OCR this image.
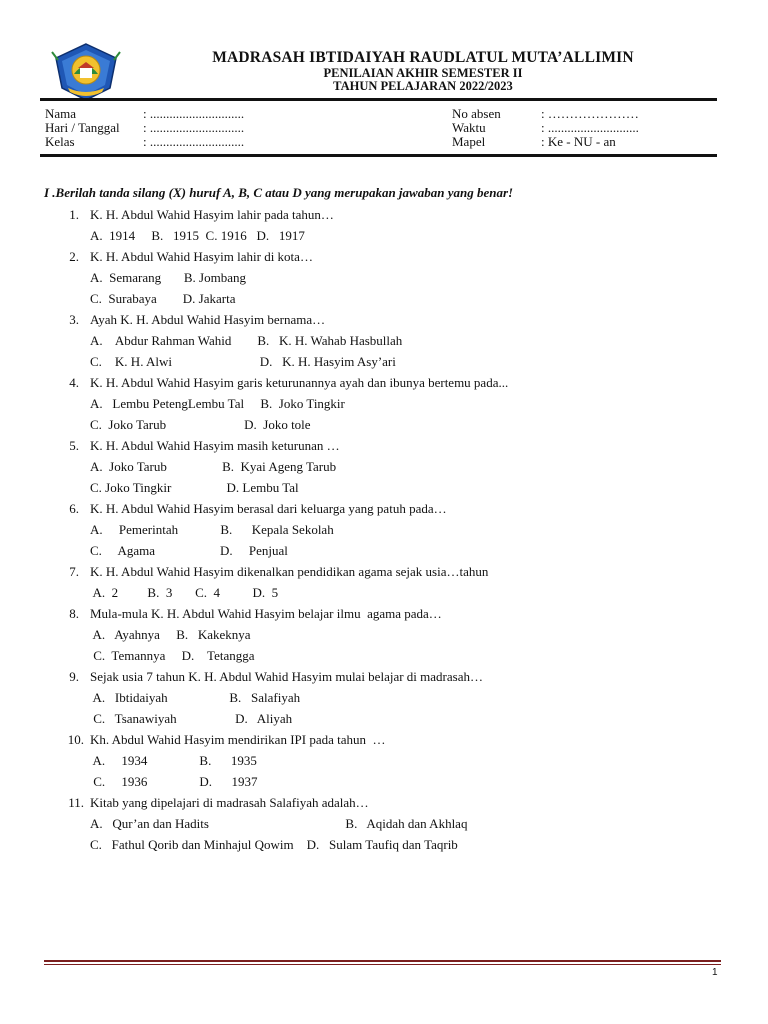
MADRASAH IBTIDAIYAH RAUDLATUL MUTA’ALLIMIN
PENILAIAN AKHIR SEMESTER II
TAHUN PELAJARAN 2022/2023
Nama	: .............................
Hari / Tanggal : .............................
Kelas	: .............................
No absen	: …………………
Waktu	: ............................
Mapel	: Ke - NU - an
I .Berilah tanda silang (X) huruf A, B, C atau D yang merupakan jawaban yang benar!
1. K. H. Abdul Wahid Hasyim lahir pada tahun…
A.  1914     B.   1915  C. 1916   D.   1917
2. K. H. Abdul Wahid Hasyim lahir di kota…
A.  Semarang       B. Jombang
C.  Surabaya        D. Jakarta
3. Ayah K. H. Abdul Wahid Hasyim bernama…
A.    Abdur Rahman Wahid        B.   K. H. Wahab Hasbullah
C.    K. H. Alwi                           D.   K. H. Hasyim Asy’ari
4. K. H. Abdul Wahid Hasyim garis keturunannya ayah dan ibunya bertemu pada...
A.   Lembu PetengLembu Tal     B.  Joko Tingkir
C.  Joko Tarub                        D.  Joko tole
5. K. H. Abdul Wahid Hasyim masih keturunan …
A.  Joko Tarub                 B.  Kyai Ageng Tarub
C. Joko Tingkir                 D. Lembu Tal
6. K. H. Abdul Wahid Hasyim berasal dari keluarga yang patuh pada…
A.     Pemerintah             B.      Kepala Sekolah
C.     Agama                    D.     Penjual
7. K. H. Abdul Wahid Hasyim dikenalkan pendidikan agama sejak usia…tahun
A.  2         B.  3       C.  4          D.  5
8. Mula-mula K. H. Abdul Wahid Hasyim belajar ilmu  agama pada…
A.   Ayahnya     B.   Kakeknya
C.  Temannya     D.    Tetangga
9. Sejak usia 7 tahun K. H. Abdul Wahid Hasyim mulai belajar di madrasah…
A.   Ibtidaiyah                   B.   Salafiyah
C.   Tsanawiyah                  D.   Aliyah
10. Kh. Abdul Wahid Hasyim mendirikan IPI pada tahun  …
A.     1934                B.      1935
C.     1936                D.      1937
11. Kitab yang dipelajari di madrasah Salafiyah adalah…
A.   Qur’an dan Hadits                                          B.   Aqidah dan Akhlaq
C.   Fathul Qorib dan Minhajul Qowim    D.   Sulam Taufiq dan Taqrib
1
